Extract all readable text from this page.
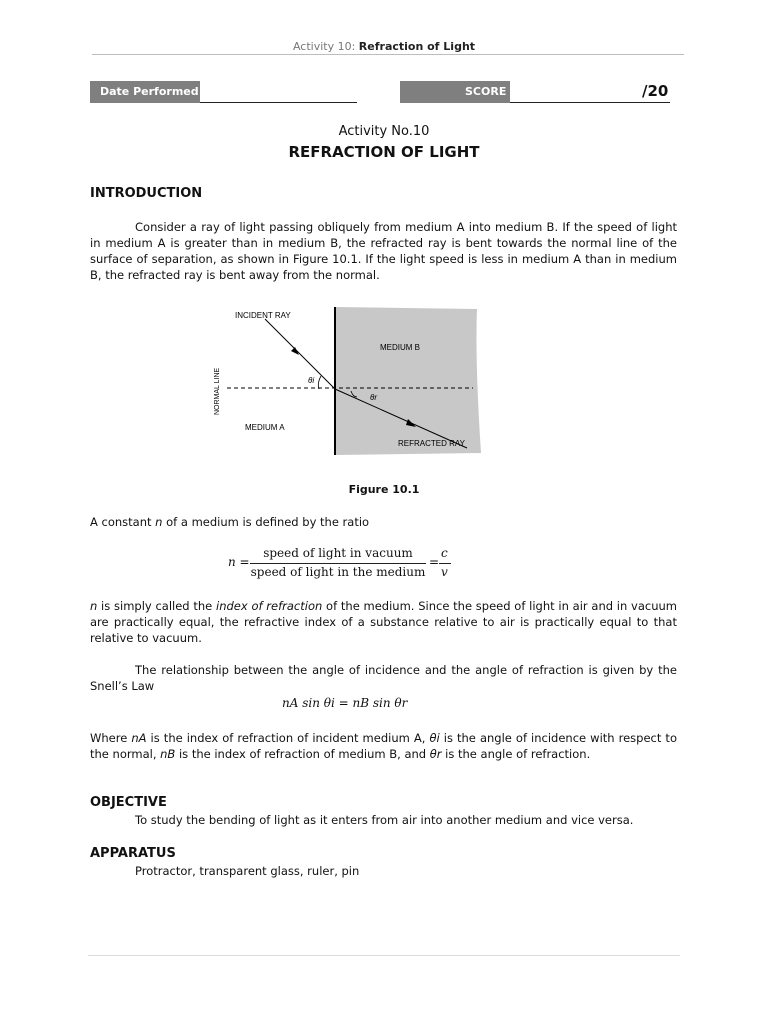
Activity 10: Refraction of Light
Date Performed	SCORE	/20
Activity No.10
REFRACTION OF LIGHT
INTRODUCTION
Consider a ray of light passing obliquely from medium A into medium B. If the speed of light in medium A is greater than in medium B, the refracted ray is bent towards the normal line of the surface of separation, as shown in Figure 10.1. If the light speed is less in medium A than in medium B, the refracted ray is bent away from the normal.
INCIDENT RAY
MEDIUM B
MEDIUM A
REFRACTED RAY
θi
θr
NORMAL LINE
Figure 10.1
A constant n of a medium is defined by the ratio
n =
speed of light in vacuum
speed of light in the medium
=
c
v
n is simply called the index of refraction of the medium. Since the speed of light in air and in vacuum are practically equal, the refractive index of a substance relative to air is practically equal to that relative to vacuum.
The relationship between the angle of incidence and the angle of refraction is given by the Snell’s Law
nA sin θi = nB sin θr
Where nA is the index of refraction of incident medium A, θi is the angle of incidence with respect to the normal, nB is the index of refraction of medium B, and θr is the angle of refraction.
OBJECTIVE
To study the bending of light as it enters from air into another medium and vice versa.
APPARATUS
Protractor, transparent glass, ruler, pin
